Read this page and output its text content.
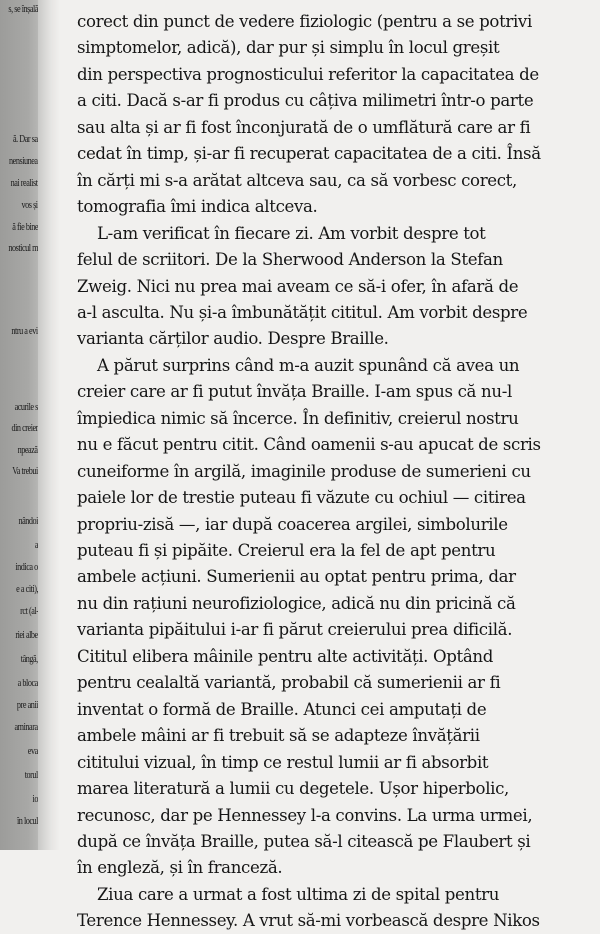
s, se înșală
ă. Dar sa
nensiunea
nai realist
vos și
ă fie bine
nosticul m
ntru a evi
acurile s
din creier
npează
Va trebui
nândoi
a
indica o
e a citi),
rct (al-
riei albe
tângă,
a bloca
pre anii
aminara
eva
torul
io
în locul
corect din punct de vedere fiziologic (pentru a se potrivi
simptomelor, adică), dar pur și simplu în locul greșit
din perspectiva prognosticului referitor la capacitatea de
a citi. Dacă s-ar fi produs cu câțiva milimetri într-o parte
sau alta și ar fi fost înconjurată de o umflătură care ar fi
cedat în timp, și-ar fi recuperat capacitatea de a citi. Însă
în cărți mi s-a arătat altceva sau, ca să vorbesc corect,
tomografia îmi indica altceva.
L-am verificat în fiecare zi. Am vorbit despre tot
felul de scriitori. De la Sherwood Anderson la Stefan
Zweig. Nici nu prea mai aveam ce să-i ofer, în afară de
a-l asculta. Nu și-a îmbunătățit cititul. Am vorbit despre
varianta cărților audio. Despre Braille.
A părut surprins când m-a auzit spunând că avea un
creier care ar fi putut învăța Braille. I-am spus că nu-l
împiedica nimic să încerce. În definitiv, creierul nostru
nu e făcut pentru citit. Când oamenii s-au apucat de scris
cuneiforme în argilă, imaginile produse de sumerieni cu
paiele lor de trestie puteau fi văzute cu ochiul — citirea
propriu-zisă —, iar după coacerea argilei, simbolurile
puteau fi și pipăite. Creierul era la fel de apt pentru
ambele acțiuni. Sumerienii au optat pentru prima, dar
nu din rațiuni neurofiziologice, adică nu din pricină că
varianta pipăitului i-ar fi părut creierului prea dificilă.
Cititul elibera mâinile pentru alte activități. Optând
pentru cealaltă variantă, probabil că sumerienii ar fi
inventat o formă de Braille. Atunci cei amputați de
ambele mâini ar fi trebuit să se adapteze învățării
cititului vizual, în timp ce restul lumii ar fi absorbit
marea literatură a lumii cu degetele. Ușor hiperbolic,
recunosc, dar pe Hennessey l-a convins. La urma urmei,
după ce învăța Braille, putea să-l citească pe Flaubert și
în engleză, și în franceză.
Ziua care a urmat a fost ultima zi de spital pentru
Terence Hennessey. A vrut să-mi vorbească despre Nikos
